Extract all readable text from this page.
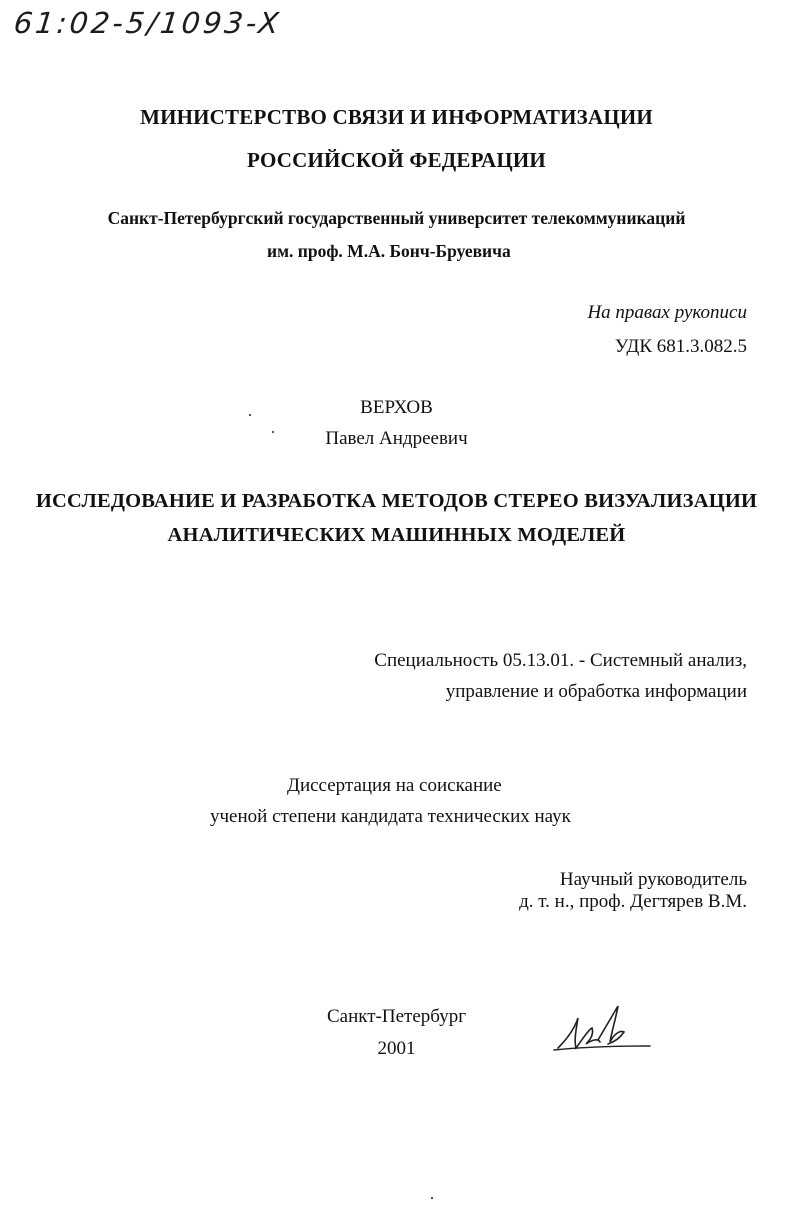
61:02-5/1093-X
МИНИСТЕРСТВО СВЯЗИ И ИНФОРМАТИЗАЦИИ
РОССИЙСКОЙ ФЕДЕРАЦИИ
Санкт-Петербургский государственный университет телекоммуникаций
им. проф. М.А. Бонч-Бруевича
На правах рукописи
УДК 681.3.082.5
ВЕРХОВ
Павел Андреевич
ИССЛЕДОВАНИЕ И РАЗРАБОТКА МЕТОДОВ СТЕРЕО ВИЗУАЛИЗАЦИИ
АНАЛИТИЧЕСКИХ МАШИННЫХ МОДЕЛЕЙ
Специальность 05.13.01. - Системный анализ,
управление и обработка информации
Диссертация на соискание
ученой степени кандидата технических наук
Научный руководитель
д. т. н., проф. Дегтярев В.М.
Санкт-Петербург
2001
